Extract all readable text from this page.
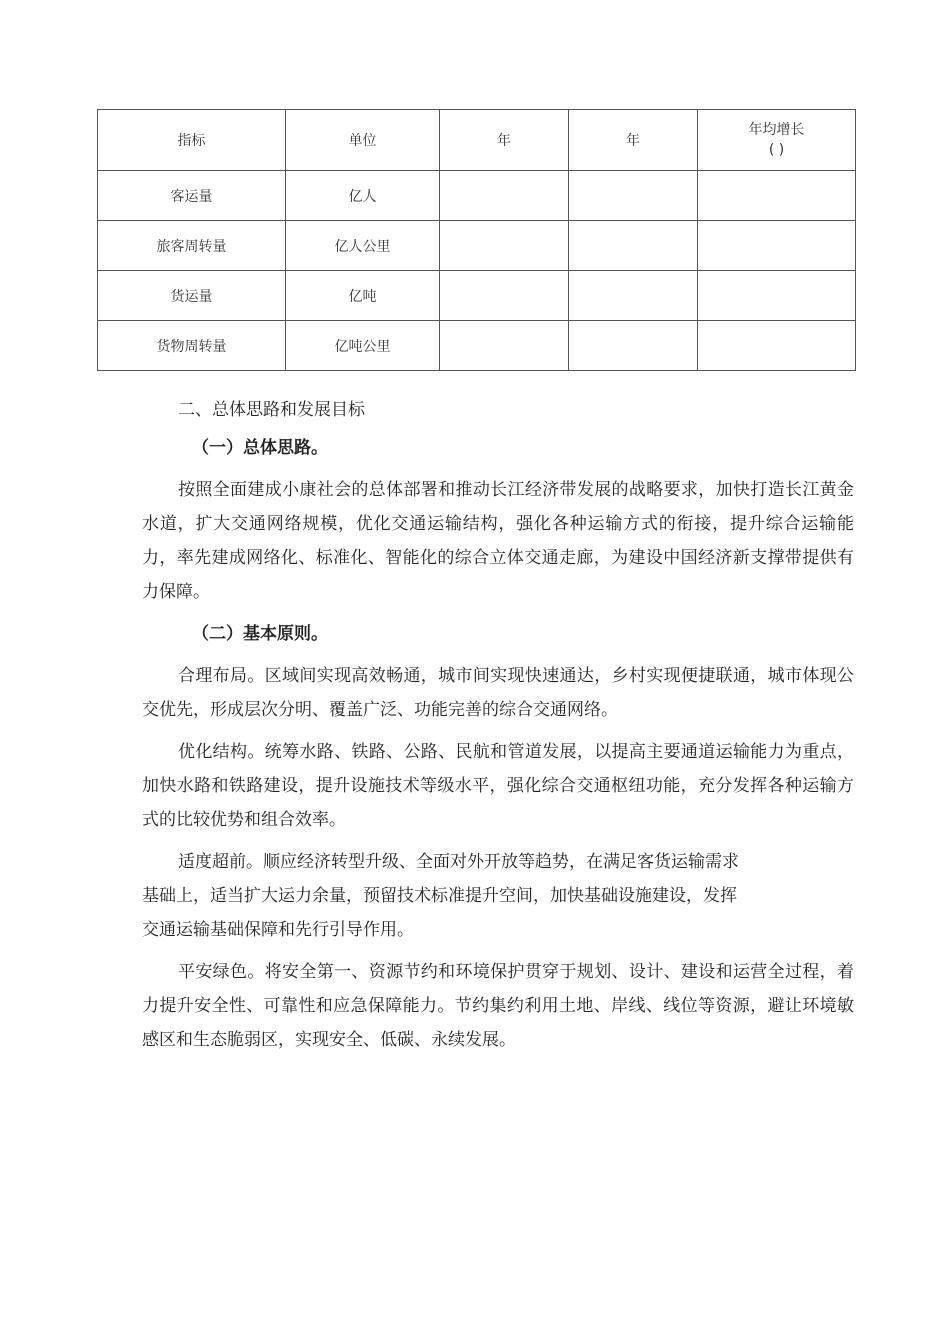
指标	单位	年	年	年均增长
( )

客运量	亿人			
旅客周转量	亿人公里			
货运量	亿吨			
货物周转量	亿吨公里			

二、总体思路和发展目标

（一）总体思路。

按照全面建成小康社会的总体部署和推动长江经济带发展的战略要求，加快打造长江黄金水道，扩大交通网络规模，优化交通运输结构，强化各种运输方式的衔接，提升综合运输能力，率先建成网络化、标准化、智能化的综合立体交通走廊，为建设中国经济新支撑带提供有力保障。

（二）基本原则。

合理布局。区域间实现高效畅通，城市间实现快速通达，乡村实现便捷联通，城市体现公交优先，形成层次分明、覆盖广泛、功能完善的综合交通网络。

优化结构。统筹水路、铁路、公路、民航和管道发展，以提高主要通道运输能力为重点，加快水路和铁路建设，提升设施技术等级水平，强化综合交通枢纽功能，充分发挥各种运输方式的比较优势和组合效率。

适度超前。顺应经济转型升级、全面对外开放等趋势，在满足客货运输需求

基础上，适当扩大运力余量，预留技术标准提升空间，加快基础设施建设，发挥

交通运输基础保障和先行引导作用。

平安绿色。将安全第一、资源节约和环境保护贯穿于规划、设计、建设和运营全过程，着力提升安全性、可靠性和应急保障能力。节约集约利用土地、岸线、线位等资源，避让环境敏感区和生态脆弱区，实现安全、低碳、永续发展。
